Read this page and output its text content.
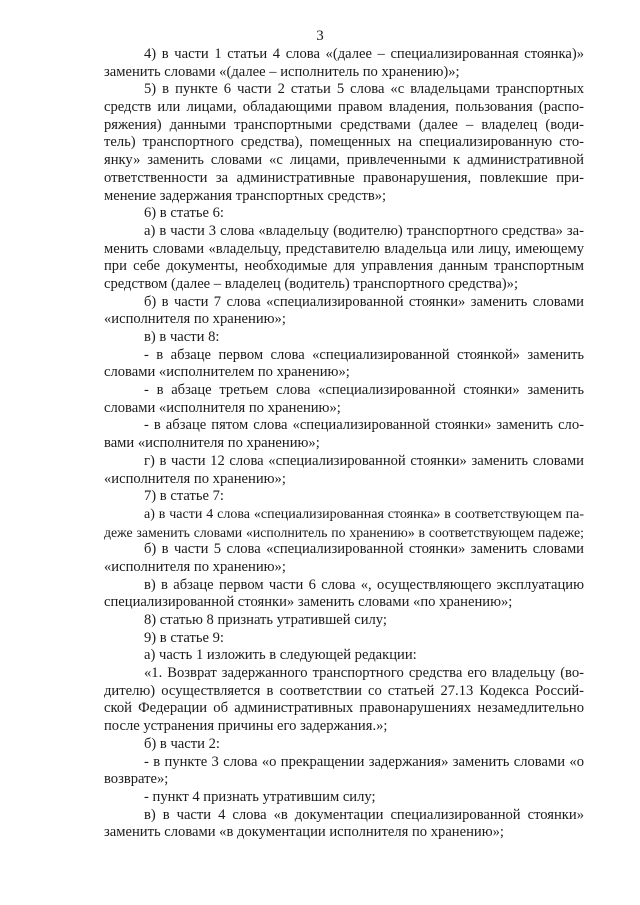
3
4) в части 1 статьи 4 слова «(далее – специализированная стоянка)»
заменить словами «(далее – исполнитель по хранению)»;
5) в пункте 6 части 2 статьи 5 слова «с владельцами транспортных
средств или лицами, обладающими правом владения, пользования (распо-
ряжения) данными транспортными средствами (далее – владелец (води-
тель) транспортного средства), помещенных на специализированную сто-
янку» заменить словами «с лицами, привлеченными к административной
ответственности за административные правонарушения, повлекшие при-
менение задержания транспортных средств»;
6) в статье 6:
а) в части 3 слова «владельцу (водителю) транспортного средства» за-
менить словами «владельцу, представителю владельца или лицу, имеющему
при себе документы, необходимые для управления данным транспортным
средством (далее – владелец (водитель) транспортного средства)»;
б) в части 7 слова «специализированной стоянки» заменить словами
«исполнителя по хранению»;
в) в части 8:
- в абзаце первом слова «специализированной стоянкой» заменить
словами «исполнителем по хранению»;
- в абзаце третьем слова «специализированной стоянки» заменить
словами «исполнителя по хранению»;
- в абзаце пятом слова «специализированной стоянки» заменить сло-
вами «исполнителя по хранению»;
г) в части 12 слова «специализированной стоянки» заменить словами
«исполнителя по хранению»;
7) в статье 7:
а) в части 4 слова «специализированная стоянка» в соответствующем па-
деже заменить словами «исполнитель по хранению» в соответствующем падеже;
б) в части 5 слова «специализированной стоянки» заменить словами
«исполнителя по хранению»;
в) в абзаце первом части 6 слова «, осуществляющего эксплуатацию
специализированной стоянки» заменить словами «по хранению»;
8) статью 8 признать утратившей силу;
9) в статье 9:
а) часть 1 изложить в следующей редакции:
«1. Возврат задержанного транспортного средства его владельцу (во-
дителю) осуществляется в соответствии со статьей 27.13 Кодекса Россий-
ской Федерации об административных правонарушениях незамедлительно
после устранения причины его задержания.»;
б) в части 2:
- в пункте 3 слова «о прекращении задержания» заменить словами «о
возврате»;
- пункт 4 признать утратившим силу;
в) в части 4 слова «в документации специализированной стоянки»
заменить словами «в документации исполнителя по хранению»;
